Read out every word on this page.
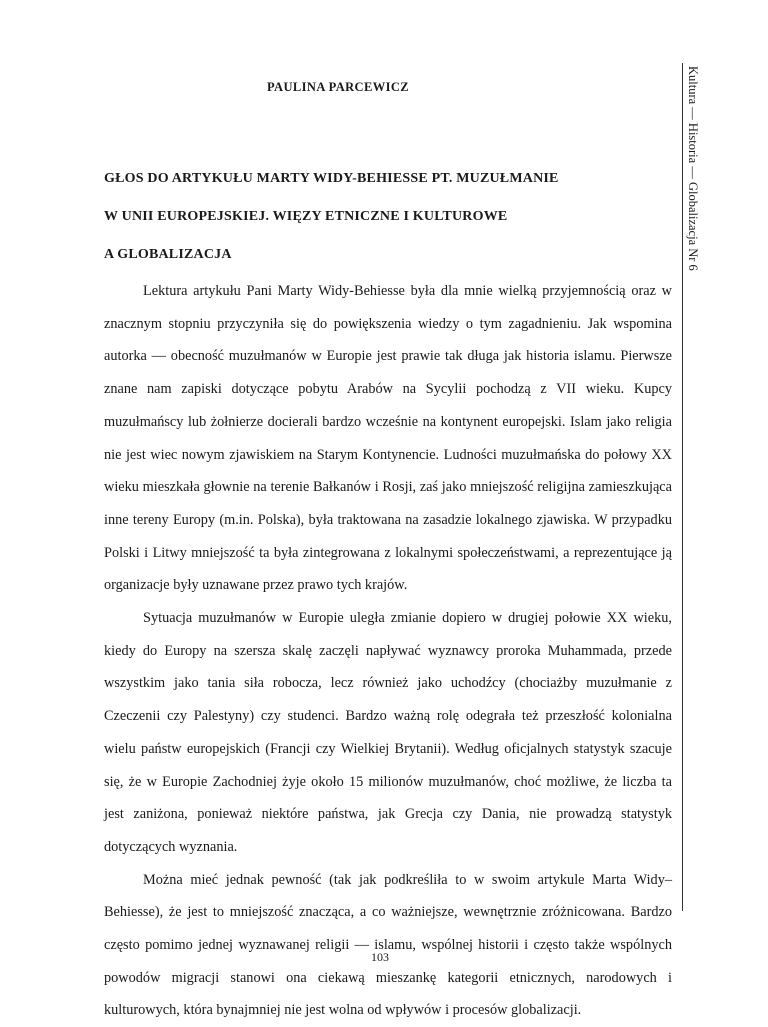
PAULINA PARCEWICZ
GŁOS DO ARTYKUŁU MARTY WIDY-BEHIESSE PT. MUZUŁMANIE
W UNII EUROPEJSKIEJ. WIĘZY ETNICZNE I KULTUROWE
A GLOBALIZACJA

Lektura artykułu Pani Marty Widy-Behiesse była dla mnie wielką przyjemnością oraz w znacznym stopniu przyczyniła się do powiększenia wiedzy o tym zagadnieniu. Jak wspomina autorka — obecność muzułmanów w Europie jest prawie tak długa jak historia islamu. Pierwsze znane nam zapiski dotyczące pobytu Arabów na Sycylii pochodzą z VII wieku. Kupcy muzułmańscy lub żołnierze docierali bardzo wcześnie na kontynent europejski. Islam jako religia nie jest wiec nowym zjawiskiem na Starym Kontynencie. Ludności muzułmańska do połowy XX wieku mieszkała głownie na terenie Bałkanów i Rosji, zaś jako mniejszość religijna zamieszkująca inne tereny Europy (m.in. Polska), była traktowana na zasadzie lokalnego zjawiska. W przypadku Polski i Litwy mniejszość ta była zintegrowana z lokalnymi społeczeństwami, a reprezentujące ją organizacje były uznawane przez prawo tych krajów.

Sytuacja muzułmanów w Europie uległa zmianie dopiero w drugiej połowie XX wieku, kiedy do Europy na szersza skalę zaczęli napływać wyznawcy proroka Muhammada, przede wszystkim jako tania siła robocza, lecz również jako uchodźcy (chociażby muzułmanie z Czeczenii czy Palestyny) czy studenci. Bardzo ważną rolę odegrała też przeszłość kolonialna wielu państw europejskich (Francji czy Wielkiej Brytanii). Według oficjalnych statystyk szacuje się, że w Europie Zachodniej żyje około 15 milionów muzułmanów, choć możliwe, że liczba ta jest zaniżona, ponieważ niektóre państwa, jak Grecja czy Dania, nie prowadzą statystyk dotyczących wyznania.

Można mieć jednak pewność (tak jak podkreśliła to w swoim artykule Marta Widy–Behiesse), że jest to mniejszość znacząca, a co ważniejsze, wewnętrznie zróżnicowana. Bardzo często pomimo jednej wyznawanej religii — islamu, wspólnej historii i często także wspólnych powodów migracji stanowi ona ciekawą mieszankę kategorii etnicznych, narodowych i kulturowych, która bynajmniej nie jest wolna od wpływów i procesów globalizacji.

Kultura — Historia — Globalizacja Nr 6
103
